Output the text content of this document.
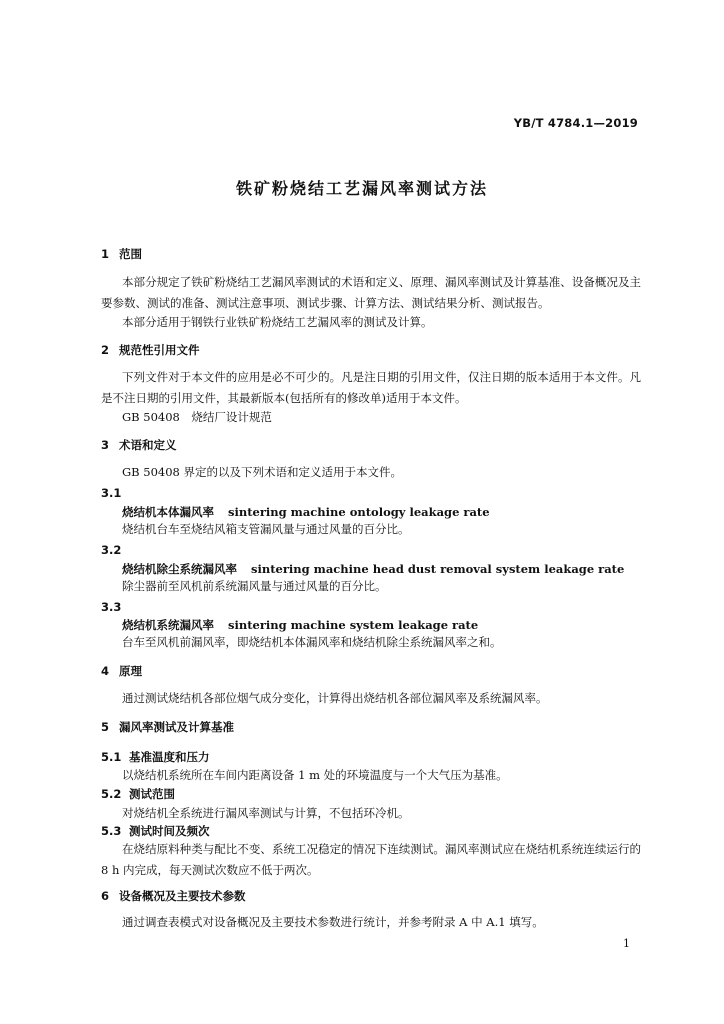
YB/T 4784.1—2019
铁矿粉烧结工艺漏风率测试方法
1 范围
本部分规定了铁矿粉烧结工艺漏风率测试的术语和定义、原理、漏风率测试及计算基准、设备概况及主要参数、测试的准备、测试注意事项、测试步骤、计算方法、测试结果分析、测试报告。
本部分适用于钢铁行业铁矿粉烧结工艺漏风率的测试及计算。
2 规范性引用文件
下列文件对于本文件的应用是必不可少的。凡是注日期的引用文件，仅注日期的版本适用于本文件。凡是不注日期的引用文件，其最新版本(包括所有的修改单)适用于本文件。
GB 50408　烧结厂设计规范
3 术语和定义
GB 50408 界定的以及下列术语和定义适用于本文件。
3.1
烧结机本体漏风率 sintering machine ontology leakage rate
烧结机台车至烧结风箱支管漏风量与通过风量的百分比。
3.2
烧结机除尘系统漏风率 sintering machine head dust removal system leakage rate
除尘器前至风机前系统漏风量与通过风量的百分比。
3.3
烧结机系统漏风率 sintering machine system leakage rate
台车至风机前漏风率，即烧结机本体漏风率和烧结机除尘系统漏风率之和。
4 原理
通过测试烧结机各部位烟气成分变化，计算得出烧结机各部位漏风率及系统漏风率。
5 漏风率测试及计算基准
5.1 基准温度和压力
以烧结机系统所在车间内距离设备 1 m 处的环境温度与一个大气压为基准。
5.2 测试范围
对烧结机全系统进行漏风率测试与计算，不包括环冷机。
5.3 测试时间及频次
在烧结原料种类与配比不变、系统工况稳定的情况下连续测试。漏风率测试应在烧结机系统连续运行的 8 h 内完成，每天测试次数应不低于两次。
6 设备概况及主要技术参数
通过调查表模式对设备概况及主要技术参数进行统计，并参考附录 A 中 A.1 填写。
1
